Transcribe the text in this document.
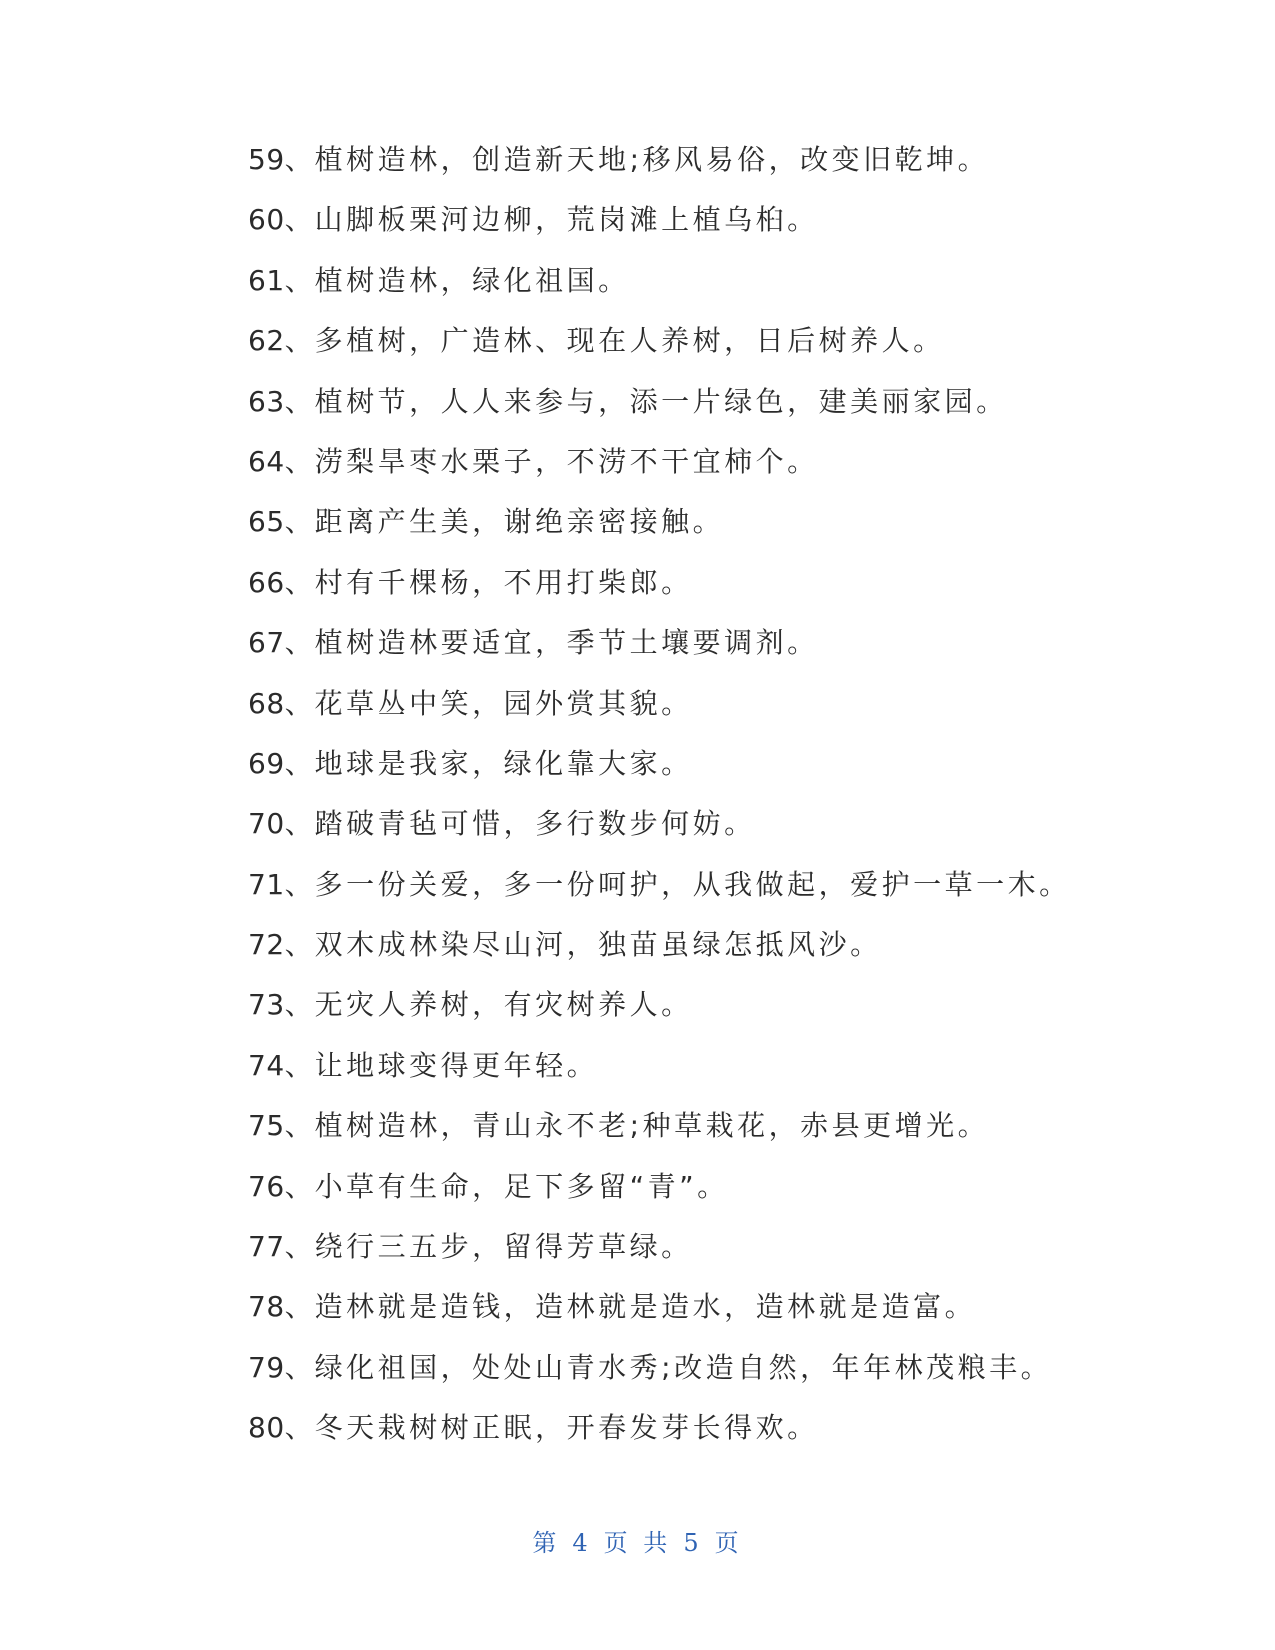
59 、 植树造林，创造新天地;移风易俗，改变旧乾坤。
60 、 山脚板栗河边柳，荒岗滩上植乌桕。
61 、 植树造林，绿化祖国。
62 、 多植树，广造林、现在人养树，日后树养人。
63 、 植树节，人人来参与，添一片绿色，建美丽家园。
64 、 涝梨旱枣水栗子，不涝不干宜柿个。
65 、 距离产生美，谢绝亲密接触。
66 、 村有千棵杨，不用打柴郎。
67 、 植树造林要适宜，季节土壤要调剂。
68 、 花草丛中笑，园外赏其貌。
69 、 地球是我家，绿化靠大家。
70 、 踏破青毡可惜，多行数步何妨。
71 、 多一份关爱，多一份呵护，从我做起，爱护一草一木。
72 、 双木成林染尽山河，独苗虽绿怎抵风沙。
73 、 无灾人养树，有灾树养人。
74 、 让地球变得更年轻。
75 、 植树造林，青山永不老;种草栽花，赤县更增光。
76 、 小草有生命，足下多留“青”。
77 、 绕行三五步，留得芳草绿。
78 、 造林就是造钱，造林就是造水，造林就是造富。
79 、 绿化祖国，处处山青水秀;改造自然，年年林茂粮丰。
80 、 冬天栽树树正眠，开春发芽长得欢。
第 4 页 共 5 页
